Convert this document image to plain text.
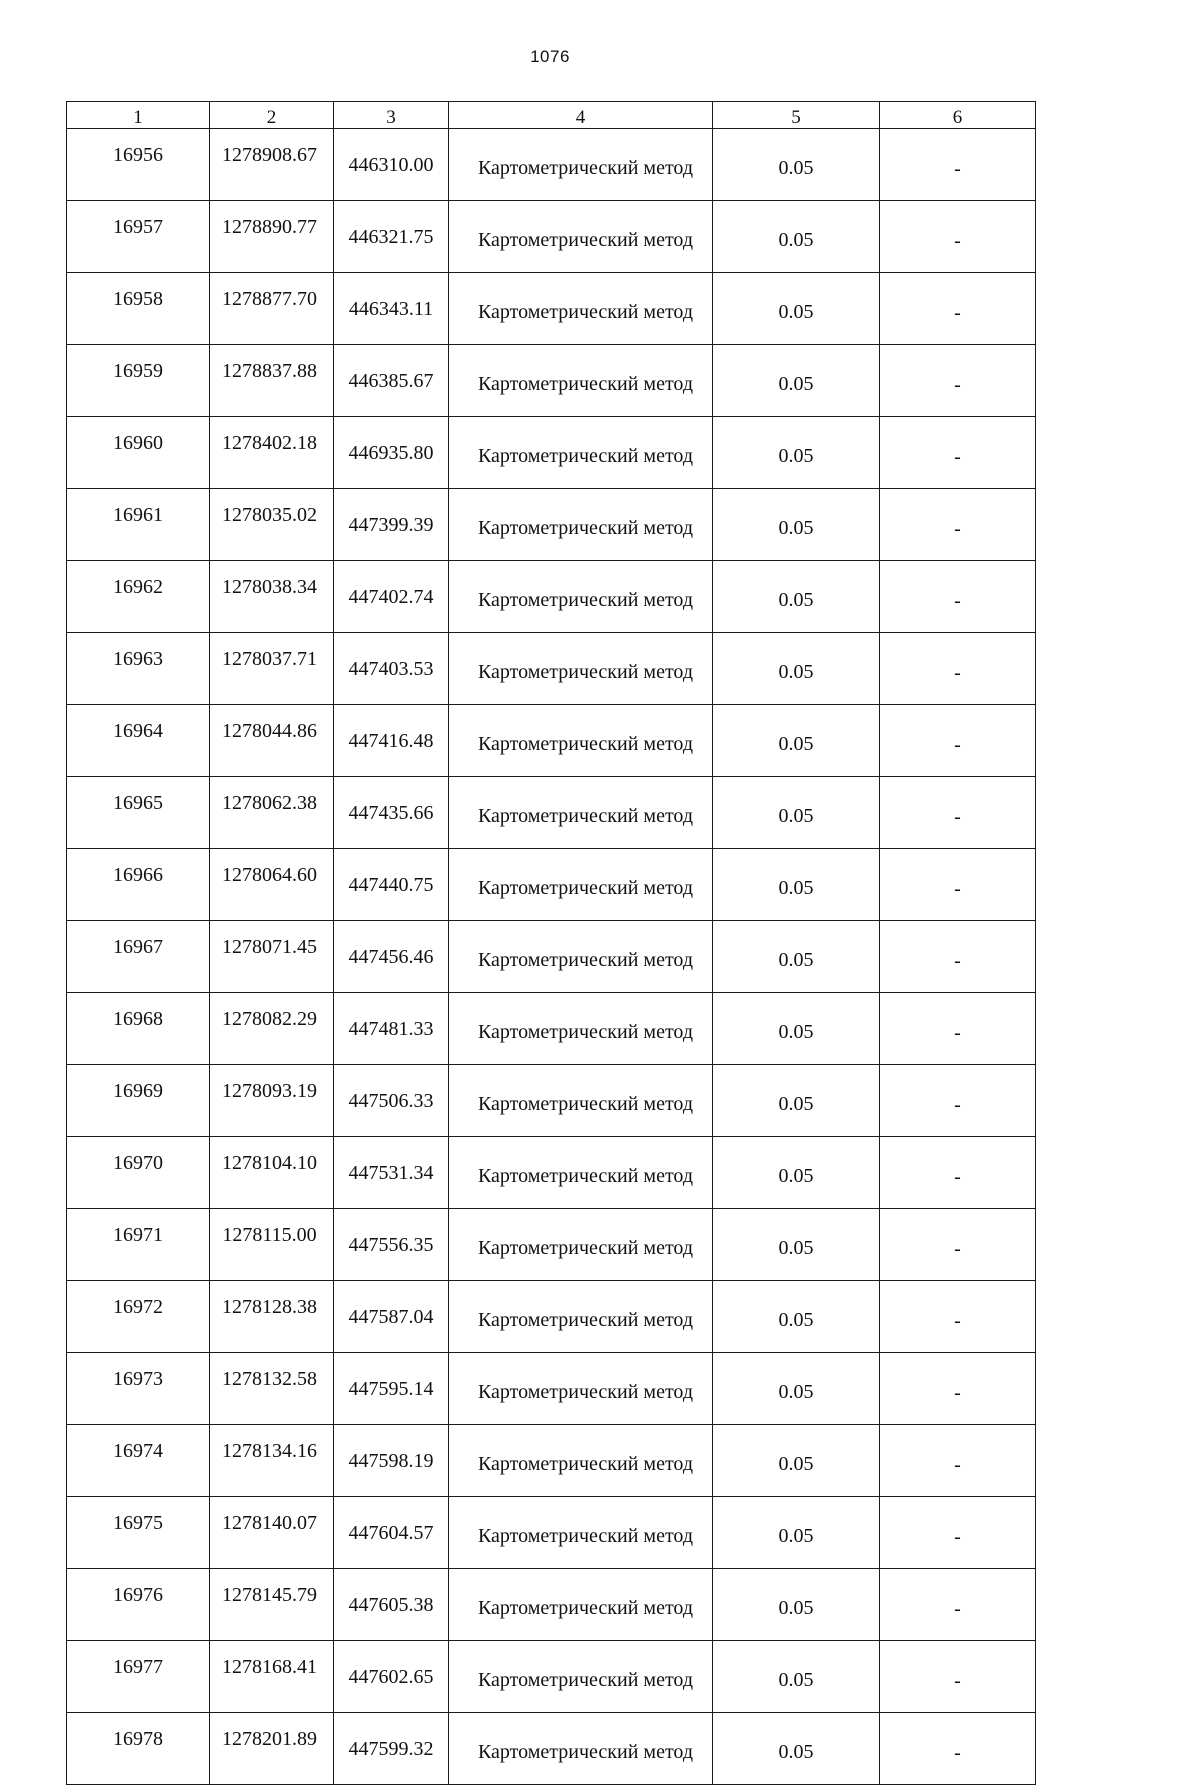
1076
1	2	3	4	5	6
16956	1278908.67	446310.00	Картометрический метод	0.05	-
16957	1278890.77	446321.75	Картометрический метод	0.05	-
16958	1278877.70	446343.11	Картометрический метод	0.05	-
16959	1278837.88	446385.67	Картометрический метод	0.05	-
16960	1278402.18	446935.80	Картометрический метод	0.05	-
16961	1278035.02	447399.39	Картометрический метод	0.05	-
16962	1278038.34	447402.74	Картометрический метод	0.05	-
16963	1278037.71	447403.53	Картометрический метод	0.05	-
16964	1278044.86	447416.48	Картометрический метод	0.05	-
16965	1278062.38	447435.66	Картометрический метод	0.05	-
16966	1278064.60	447440.75	Картометрический метод	0.05	-
16967	1278071.45	447456.46	Картометрический метод	0.05	-
16968	1278082.29	447481.33	Картометрический метод	0.05	-
16969	1278093.19	447506.33	Картометрический метод	0.05	-
16970	1278104.10	447531.34	Картометрический метод	0.05	-
16971	1278115.00	447556.35	Картометрический метод	0.05	-
16972	1278128.38	447587.04	Картометрический метод	0.05	-
16973	1278132.58	447595.14	Картометрический метод	0.05	-
16974	1278134.16	447598.19	Картометрический метод	0.05	-
16975	1278140.07	447604.57	Картометрический метод	0.05	-
16976	1278145.79	447605.38	Картометрический метод	0.05	-
16977	1278168.41	447602.65	Картометрический метод	0.05	-
16978	1278201.89	447599.32	Картометрический метод	0.05	-
